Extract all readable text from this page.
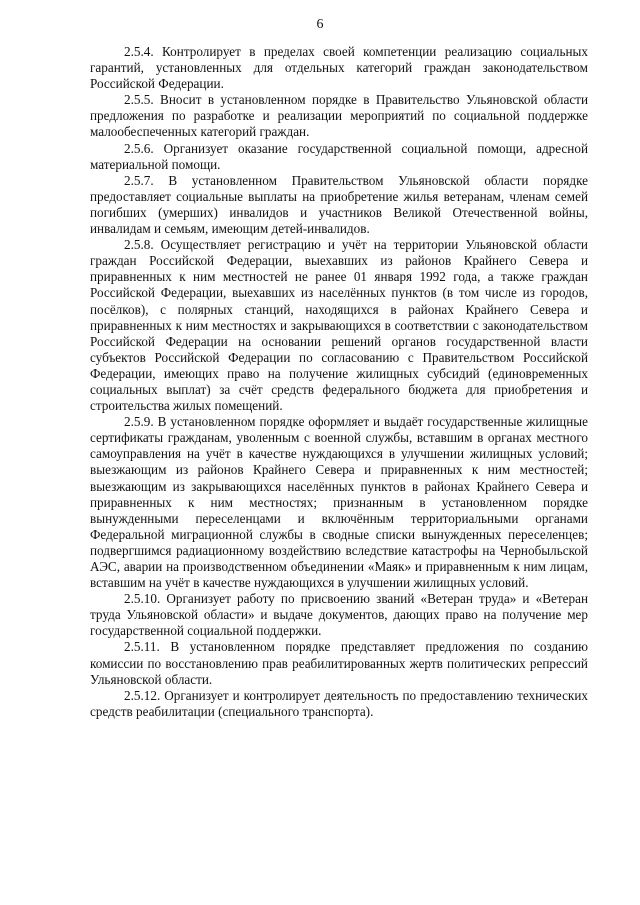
6

2.5.4. Контролирует в пределах своей компетенции реализацию социальных гарантий, установленных для отдельных категорий граждан законодательством Российской Федерации.

2.5.5. Вносит в установленном порядке в Правительство Ульяновской области предложения по разработке и реализации мероприятий по социальной поддержке малообеспеченных категорий граждан.

2.5.6. Организует оказание государственной социальной помощи, адресной материальной помощи.

2.5.7. В установленном Правительством Ульяновской области порядке предоставляет социальные выплаты на приобретение жилья ветеранам, членам семей погибших (умерших) инвалидов и участников Великой Отечественной войны, инвалидам и семьям, имеющим детей-инвалидов.

2.5.8. Осуществляет регистрацию и учёт на территории Ульяновской области граждан Российской Федерации, выехавших из районов Крайнего Севера и приравненных к ним местностей не ранее 01 января 1992 года, а также граждан Российской Федерации, выехавших из населённых пунктов (в том числе из городов, посёлков), с полярных станций, находящихся в районах Крайнего Севера и приравненных к ним местностях и закрывающихся в соответствии с законодательством Российской Федерации на основании решений органов государственной власти субъектов Российской Федерации по согласованию с Правительством Российской Федерации, имеющих право на получение жилищных субсидий (единовременных социальных выплат) за счёт средств федерального бюджета для приобретения и строительства жилых помещений.

2.5.9. В установленном порядке оформляет и выдаёт государственные жилищные сертификаты гражданам, уволенным с военной службы, вставшим в органах местного самоуправления на учёт в качестве нуждающихся в улучшении жилищных условий; выезжающим из районов Крайнего Севера и приравненных к ним местностей; выезжающим из закрывающихся населённых пунктов в районах Крайнего Севера и приравненных к ним местностях; признанным в установленном порядке вынужденными переселенцами и включённым территориальными органами Федеральной миграционной службы в сводные списки вынужденных переселенцев; подвергшимся радиационному воздействию вследствие катастрофы на Чернобыльской АЭС, аварии на производственном объединении «Маяк» и приравненным к ним лицам, вставшим на учёт в качестве нуждающихся в улучшении жилищных условий.

2.5.10. Организует работу по присвоению званий «Ветеран труда» и «Ветеран труда Ульяновской области» и выдаче документов, дающих право на получение мер государственной социальной поддержки.

2.5.11. В установленном порядке представляет предложения по созданию комиссии по восстановлению прав реабилитированных жертв политических репрессий Ульяновской области.

2.5.12. Организует и контролирует деятельность по предоставлению технических средств реабилитации (специального транспорта).
